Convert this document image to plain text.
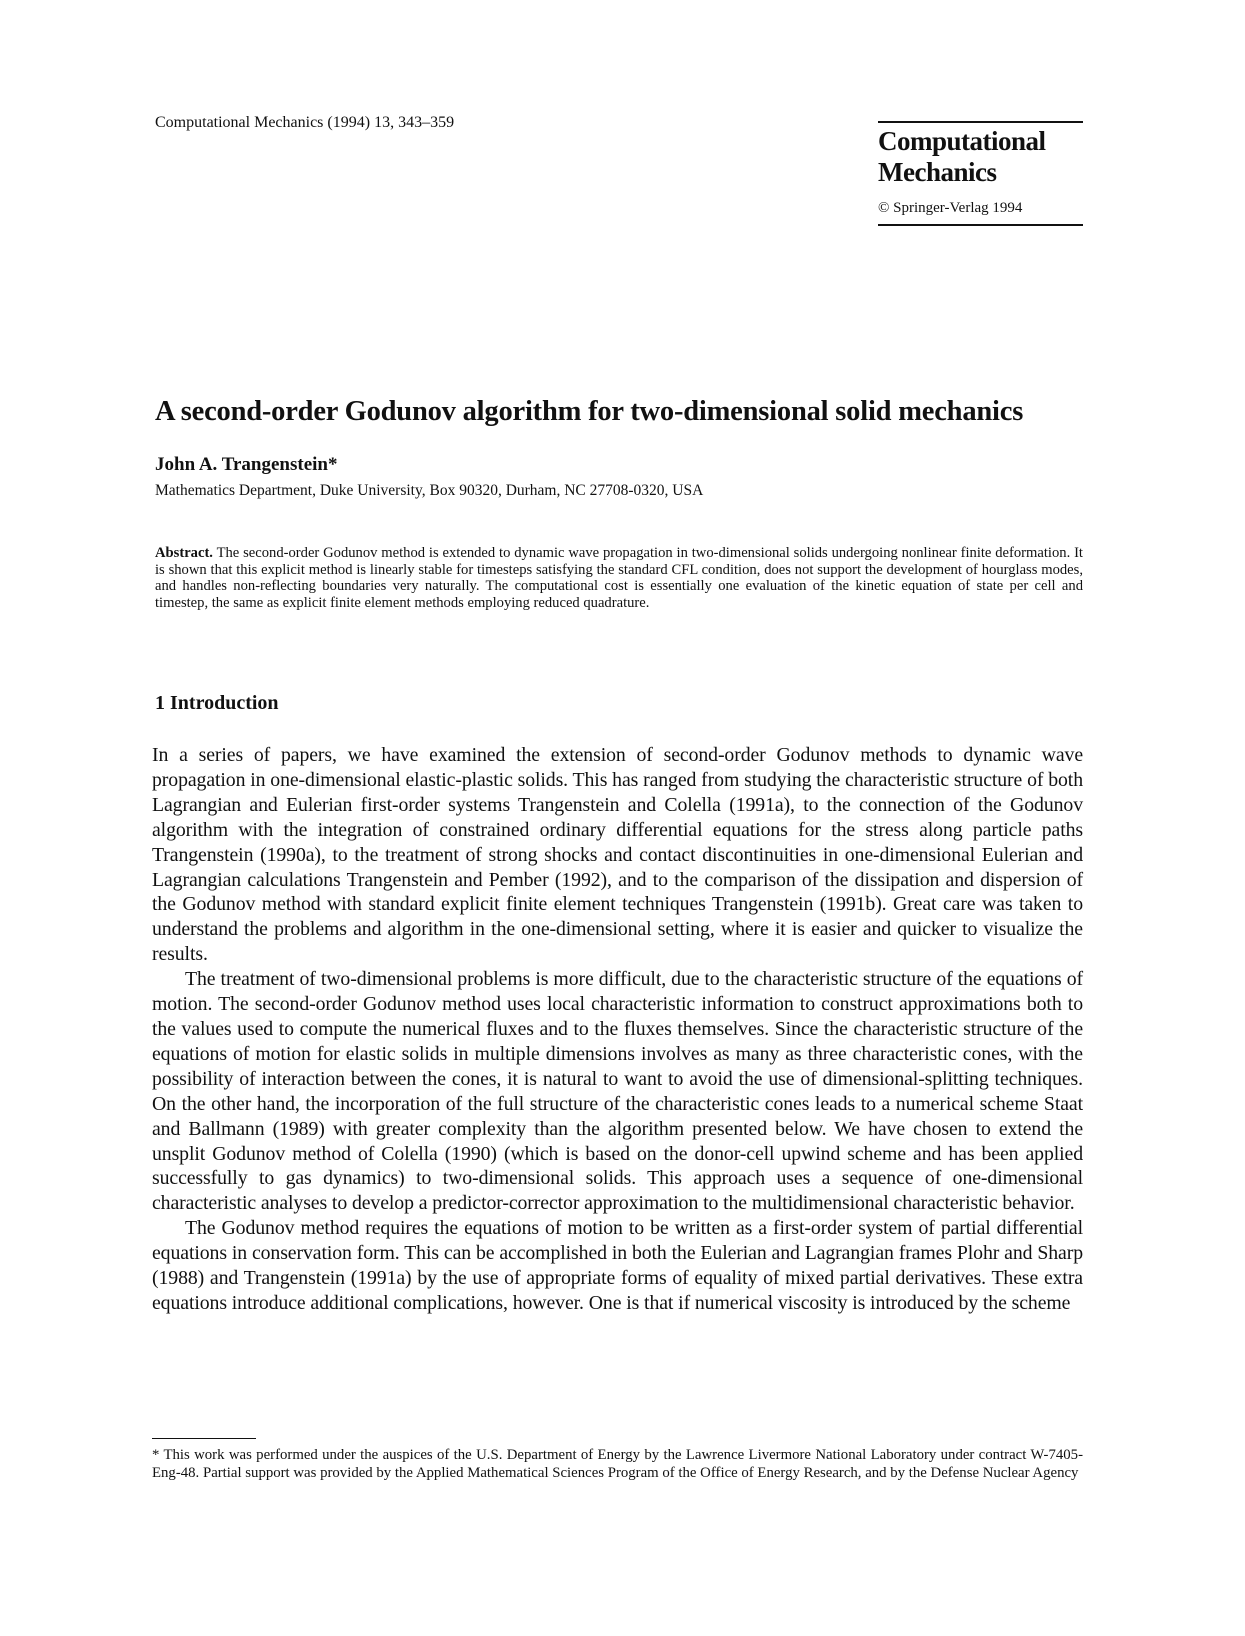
Computational Mechanics (1994) 13, 343–359
Computational
Mechanics
© Springer-Verlag 1994
A second-order Godunov algorithm for two-dimensional solid mechanics
John A. Trangenstein*
Mathematics Department, Duke University, Box 90320, Durham, NC 27708-0320, USA
Abstract. The second-order Godunov method is extended to dynamic wave propagation in two-dimensional solids undergoing nonlinear finite deformation. It is shown that this explicit method is linearly stable for timesteps satisfying the standard CFL condition, does not support the development of hourglass modes, and handles non-reflecting boundaries very naturally. The computational cost is essentially one evaluation of the kinetic equation of state per cell and timestep, the same as explicit finite element methods employing reduced quadrature.
1 Introduction

In a series of papers, we have examined the extension of second-order Godunov methods to dynamic wave propagation in one-dimensional elastic-plastic solids. This has ranged from studying the characteristic structure of both Lagrangian and Eulerian first-order systems Trangenstein and Colella (1991a), to the connection of the Godunov algorithm with the integration of constrained ordinary differential equations for the stress along particle paths Trangenstein (1990a), to the treatment of strong shocks and contact discontinuities in one-dimensional Eulerian and Lagrangian calculations Trangenstein and Pember (1992), and to the comparison of the dissipation and dispersion of the Godunov method with standard explicit finite element techniques Trangenstein (1991b). Great care was taken to understand the problems and algorithm in the one-dimensional setting, where it is easier and quicker to visualize the results.

The treatment of two-dimensional problems is more difficult, due to the characteristic structure of the equations of motion. The second-order Godunov method uses local characteristic information to construct approximations both to the values used to compute the numerical fluxes and to the fluxes themselves. Since the characteristic structure of the equations of motion for elastic solids in multiple dimensions involves as many as three characteristic cones, with the possibility of interaction between the cones, it is natural to want to avoid the use of dimensional-splitting techniques. On the other hand, the incorporation of the full structure of the characteristic cones leads to a numerical scheme Staat and Ballmann (1989) with greater complexity than the algorithm presented below. We have chosen to extend the unsplit Godunov method of Colella (1990) (which is based on the donor-cell upwind scheme and has been applied successfully to gas dynamics) to two-dimensional solids. This approach uses a sequence of one-dimensional characteristic analyses to develop a predictor-corrector approximation to the multidimensional characteristic behavior.

The Godunov method requires the equations of motion to be written as a first-order system of partial differential equations in conservation form. This can be accomplished in both the Eulerian and Lagrangian frames Plohr and Sharp (1988) and Trangenstein (1991a) by the use of appropriate forms of equality of mixed partial derivatives. These extra equations introduce additional complications, however. One is that if numerical viscosity is introduced by the scheme

* This work was performed under the auspices of the U.S. Department of Energy by the Lawrence Livermore National Laboratory under contract W-7405-Eng-48. Partial support was provided by the Applied Mathematical Sciences Program of the Office of Energy Research, and by the Defense Nuclear Agency
